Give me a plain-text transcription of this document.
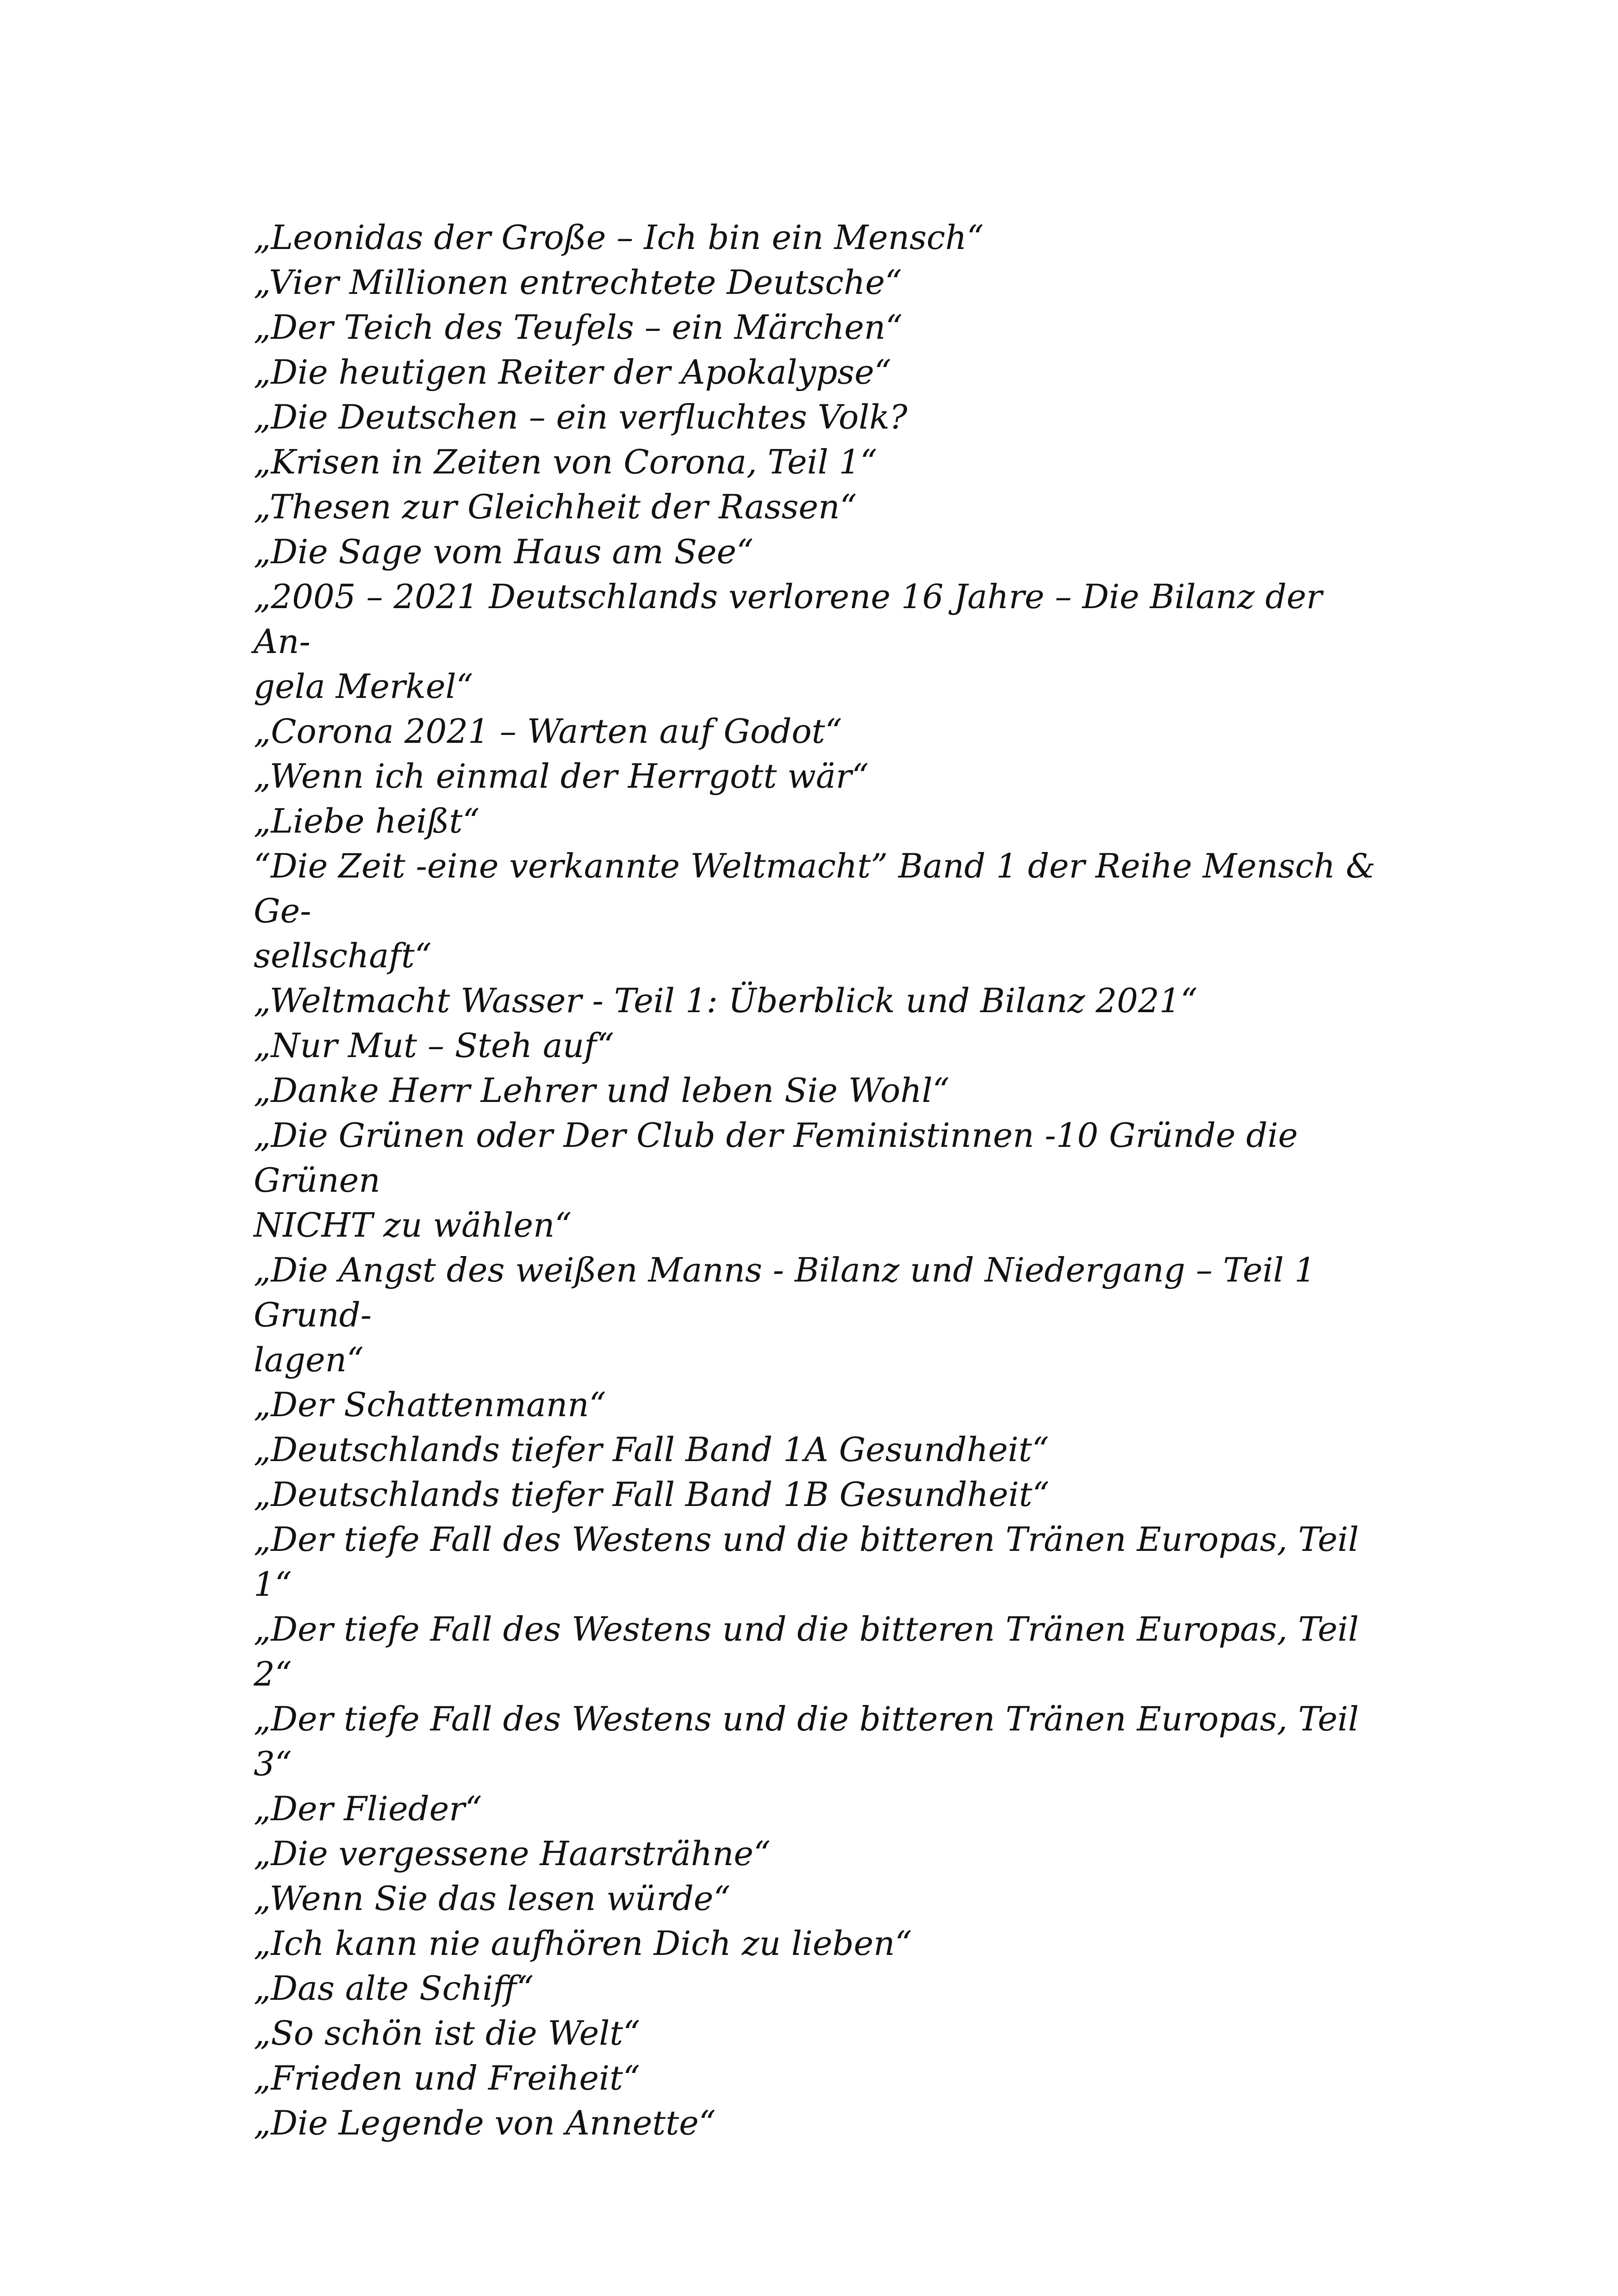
„Leonidas der Große – Ich bin ein Mensch“
„Vier Millionen entrechtete Deutsche“
„Der Teich des Teufels – ein Märchen“
„Die heutigen Reiter der Apokalypse“
„Die Deutschen – ein verfluchtes Volk?
„Krisen in Zeiten von Corona, Teil 1“
„Thesen zur Gleichheit der Rassen“
„Die Sage vom Haus am See“
„2005 – 2021 Deutschlands verlorene 16 Jahre – Die Bilanz der An-
gela Merkel“
„Corona 2021 – Warten auf Godot“
„Wenn ich einmal der Herrgott wär“
„Liebe heißt“
“Die Zeit -eine verkannte Weltmacht” Band 1 der Reihe Mensch & Ge-
sellschaft“
„Weltmacht Wasser - Teil 1: Überblick und Bilanz 2021“
„Nur Mut – Steh auf“
„Danke Herr Lehrer und leben Sie Wohl“
„Die Grünen oder Der Club der Feministinnen -10 Gründe die Grünen
NICHT zu wählen“
„Die Angst des weißen Manns - Bilanz und Niedergang – Teil 1 Grund-
lagen“
„Der Schattenmann“
„Deutschlands tiefer Fall Band 1A Gesundheit“
„Deutschlands tiefer Fall Band 1B Gesundheit“
„Der tiefe Fall des Westens und die bitteren Tränen Europas, Teil 1“
„Der tiefe Fall des Westens und die bitteren Tränen Europas, Teil 2“
„Der tiefe Fall des Westens und die bitteren Tränen Europas, Teil 3“
„Der Flieder“
„Die vergessene Haarsträhne“
„Wenn Sie das lesen würde“
„Ich kann nie aufhören Dich zu lieben“
„Das alte Schiff“
„So schön ist die Welt“
„Frieden und Freiheit“
„Die Legende von Annette“
